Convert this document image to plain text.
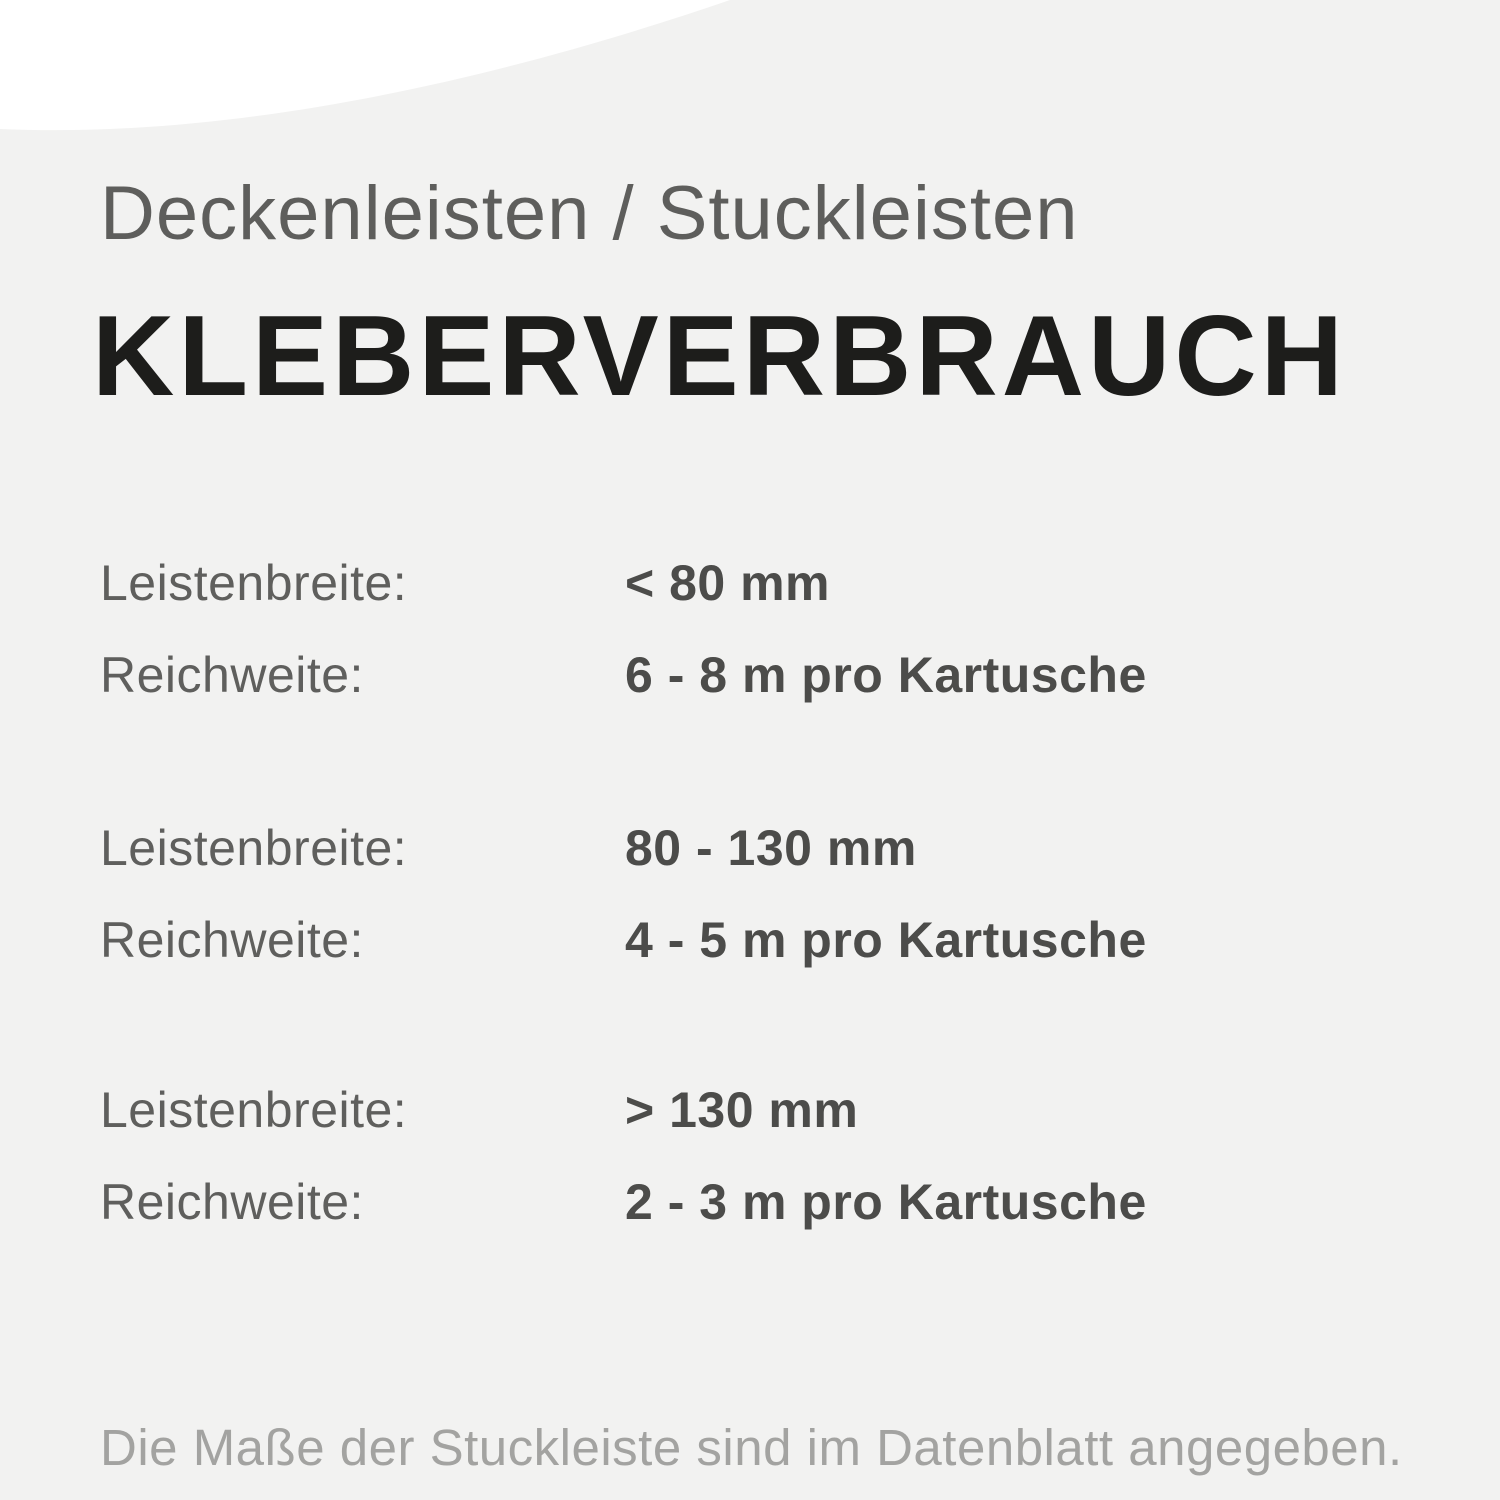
Deckenleisten / Stuckleisten
KLEBERVERBRAUCH
Leistenbreite:	< 80 mm
Reichweite:	6 - 8 m pro Kartusche
Leistenbreite:	80 - 130 mm
Reichweite:	4 - 5 m pro Kartusche
Leistenbreite:	> 130 mm
Reichweite:	2 - 3 m pro Kartusche
Die Maße der Stuckleiste sind im Datenblatt angegeben.
